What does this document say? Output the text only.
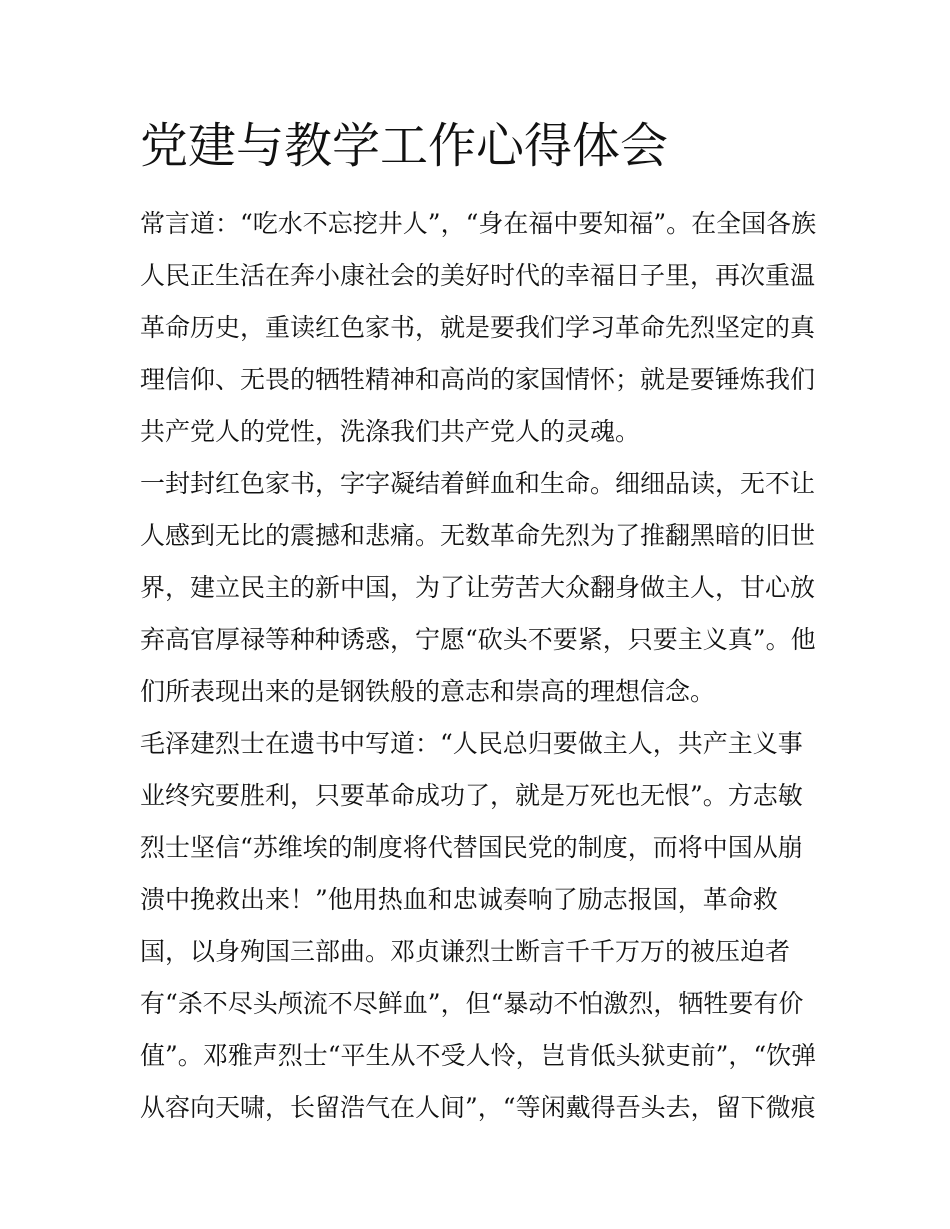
党建与教学工作心得体会
常言道：“吃水不忘挖井人”，“身在福中要知福”。在全国各族
人民正生活在奔小康社会的美好时代的幸福日子里，再次重温
革命历史，重读红色家书，就是要我们学习革命先烈坚定的真
理信仰、无畏的牺牲精神和高尚的家国情怀；就是要锤炼我们
共产党人的党性，洗涤我们共产党人的灵魂。
一封封红色家书，字字凝结着鲜血和生命。细细品读，无不让
人感到无比的震撼和悲痛。无数革命先烈为了推翻黑暗的旧世
界，建立民主的新中国，为了让劳苦大众翻身做主人，甘心放
弃高官厚禄等种种诱惑，宁愿“砍头不要紧，只要主义真”。他
们所表现出来的是钢铁般的意志和崇高的理想信念。
毛泽建烈士在遗书中写道：“人民总归要做主人，共产主义事
业终究要胜利，只要革命成功了，就是万死也无恨”。方志敏
烈士坚信“苏维埃的制度将代替国民党的制度，而将中国从崩
溃中挽救出来！”他用热血和忠诚奏响了励志报国，革命救
国，以身殉国三部曲。邓贞谦烈士断言千千万万的被压迫者
有“杀不尽头颅流不尽鲜血”，但“暴动不怕激烈，牺牲要有价
值”。邓雅声烈士“平生从不受人怜，岂肯低头狱吏前”，“饮弹
从容向天啸，长留浩气在人间”，“等闲戴得吾头去，留下微痕
